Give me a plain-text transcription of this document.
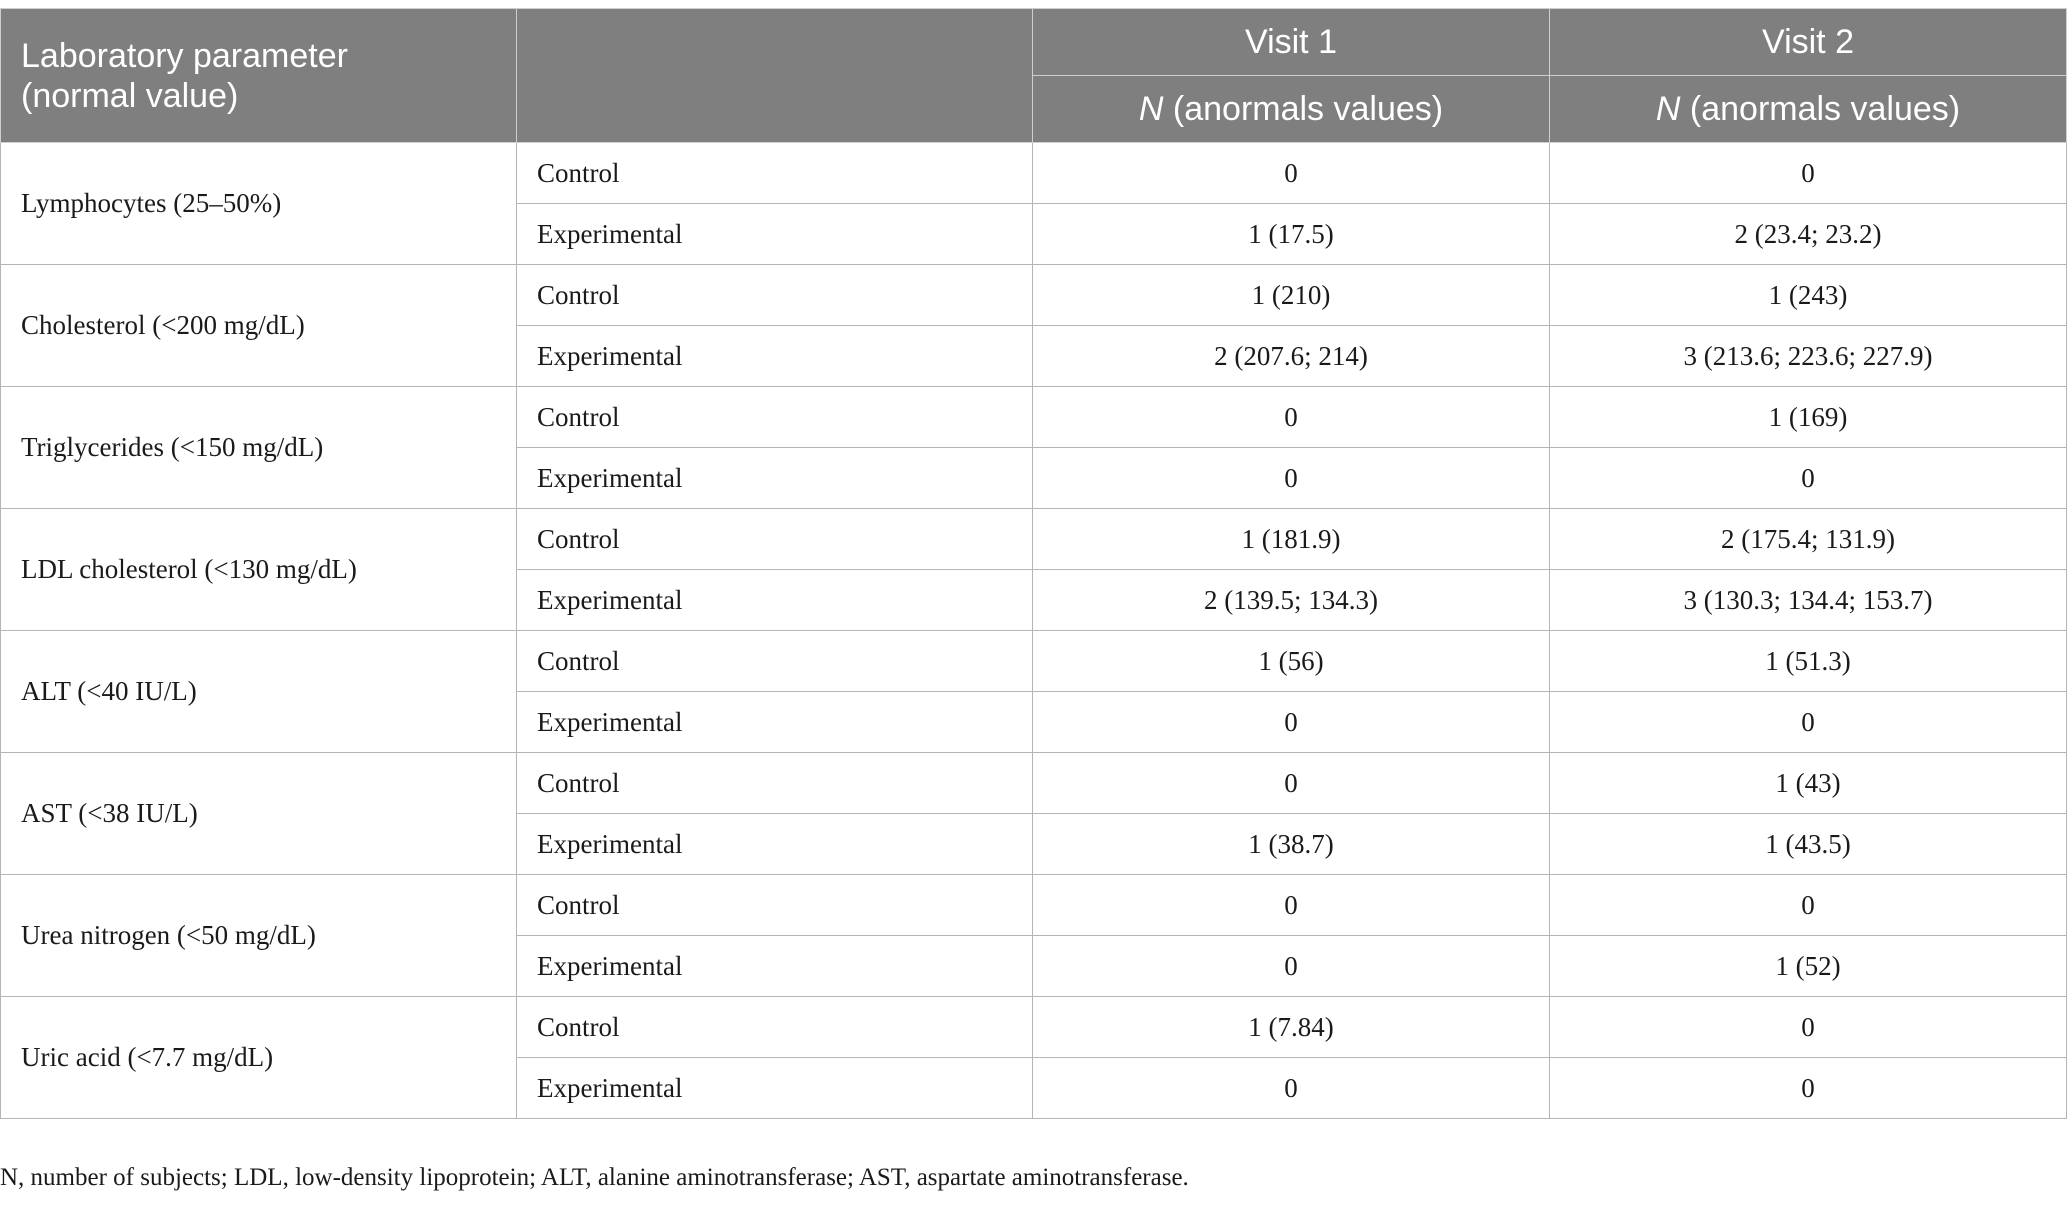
Laboratory parameter
(normal value)		Visit 1	Visit 2
		N (anormals values)	N (anormals values)
Lymphocytes (25–50%)	Control	0	0
	Experimental	1 (17.5)	2 (23.4; 23.2)
Cholesterol (<200 mg/dL)	Control	1 (210)	1 (243)
	Experimental	2 (207.6; 214)	3 (213.6; 223.6; 227.9)
Triglycerides (<150 mg/dL)	Control	0	1 (169)
	Experimental	0	0
LDL cholesterol (<130 mg/dL)	Control	1 (181.9)	2 (175.4; 131.9)
	Experimental	2 (139.5; 134.3)	3 (130.3; 134.4; 153.7)
ALT (<40 IU/L)	Control	1 (56)	1 (51.3)
	Experimental	0	0
AST (<38 IU/L)	Control	0	1 (43)
	Experimental	1 (38.7)	1 (43.5)
Urea nitrogen (<50 mg/dL)	Control	0	0
	Experimental	0	1 (52)
Uric acid (<7.7 mg/dL)	Control	1 (7.84)	0
	Experimental	0	0
N, number of subjects; LDL, low-density lipoprotein; ALT, alanine aminotransferase; AST, aspartate aminotransferase.
